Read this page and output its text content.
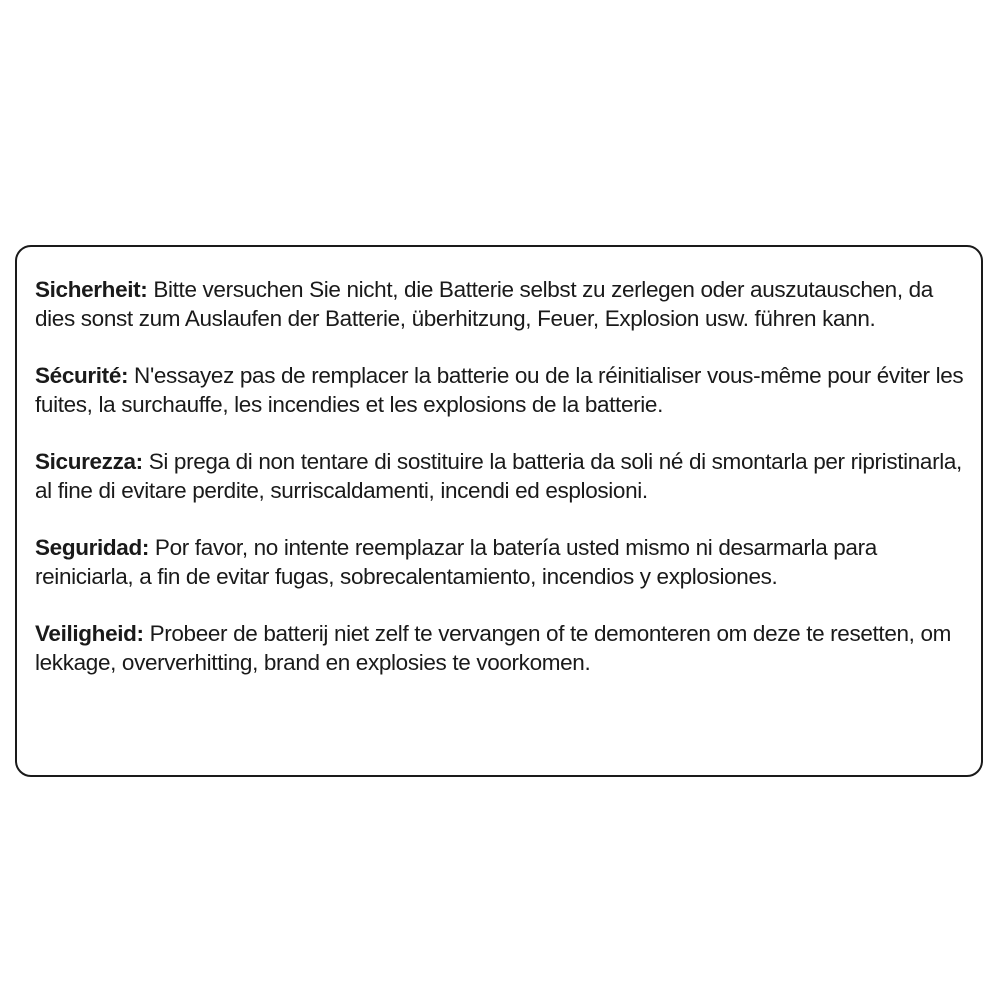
Sicherheit: Bitte versuchen Sie nicht, die Batterie selbst zu zerlegen oder auszutauschen, da dies sonst zum Auslaufen der Batterie, überhitzung, Feuer, Explosion usw. führen kann.

Sécurité: N'essayez pas de remplacer la batterie ou de la réinitialiser vous-même pour éviter les fuites, la surchauffe, les incendies et les explosions de la batterie.

Sicurezza: Si prega di non tentare di sostituire la batteria da soli né di smontarla per ripristinarla, al fine di evitare perdite, surriscaldamenti, incendi ed esplosioni.

Seguridad: Por favor, no intente reemplazar la batería usted mismo ni desarmarla para reiniciarla, a fin de evitar fugas, sobrecalentamiento, incendios y explosiones.

Veiligheid: Probeer de batterij niet zelf te vervangen of te demonteren om deze te resetten, om lekkage, oververhitting, brand en explosies te voorkomen.
